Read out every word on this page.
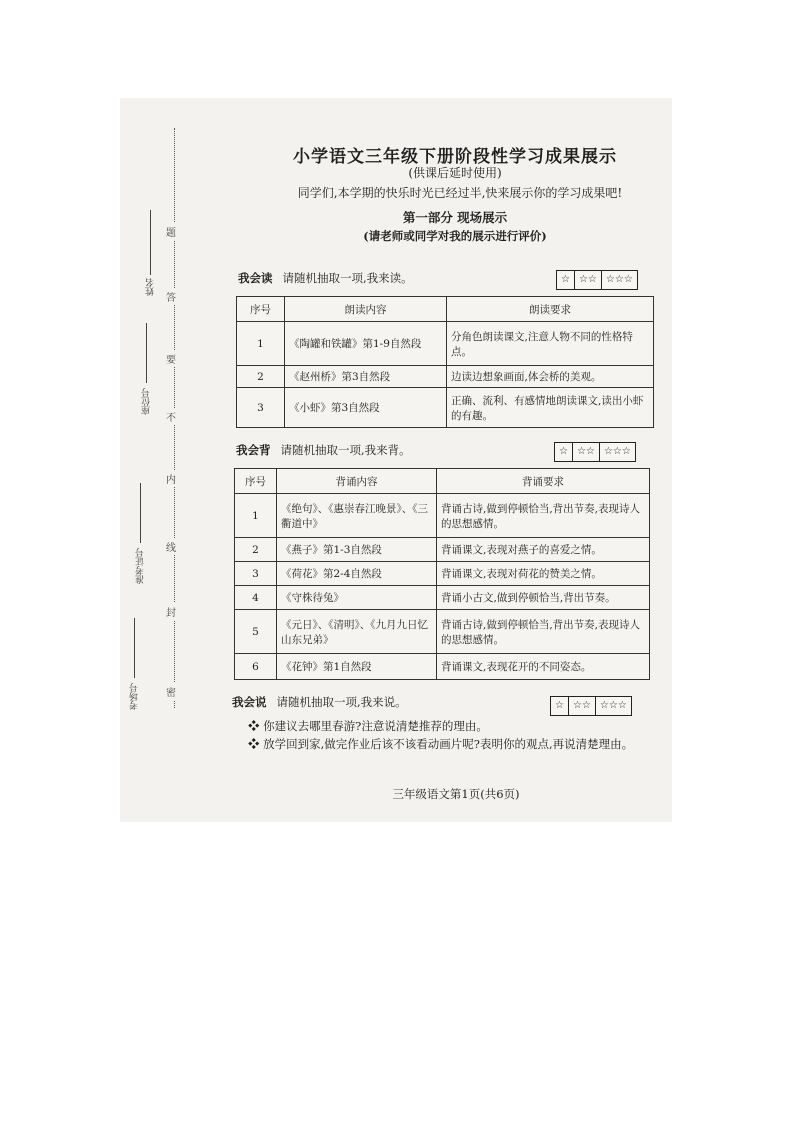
密
封
线
内
不
要
答
题
考场号
准考证号
座位号
姓名
小学语文三年级下册阶段性学习成果展示
(供课后延时使用)
同学们,本学期的快乐时光已经过半,快来展示你的学习成果吧!
第一部分 现场展示
(请老师或同学对我的展示进行评价)
我会读 请随机抽取一项,我来读。	☆ ☆☆ ☆☆☆
序号	朗读内容	朗读要求
1	《陶罐和铁罐》第1-9自然段	分角色朗读课文,注意人物不同的性格特点。
2	《赵州桥》第3自然段	边读边想象画面,体会桥的美观。
3	《小虾》第3自然段	正确、流利、有感情地朗读课文,读出小虾的有趣。
我会背 请随机抽取一项,我来背。	☆ ☆☆ ☆☆☆
序号	背诵内容	背诵要求
1	《绝句》、《惠崇春江晚景》、《三衢道中》	背诵古诗,做到停顿恰当,背出节奏,表现诗人的思想感情。
2	《燕子》第1-3自然段	背诵课文,表现对燕子的喜爱之情。
3	《荷花》第2-4自然段	背诵课文,表现对荷花的赞美之情。
4	《守株待兔》	背诵小古文,做到停顿恰当,背出节奏。
5	《元日》、《清明》、《九月九日忆山东兄弟》	背诵古诗,做到停顿恰当,背出节奏,表现诗人的思想感情。
6	《花钟》第1自然段	背诵课文,表现花开的不同姿态。
我会说 请随机抽取一项,我来说。	☆ ☆☆ ☆☆☆
❖ 你建议去哪里春游?注意说清楚推荐的理由。
❖ 放学回到家,做完作业后该不该看动画片呢?表明你的观点,再说清楚理由。
三年级语文第1页(共6页)
